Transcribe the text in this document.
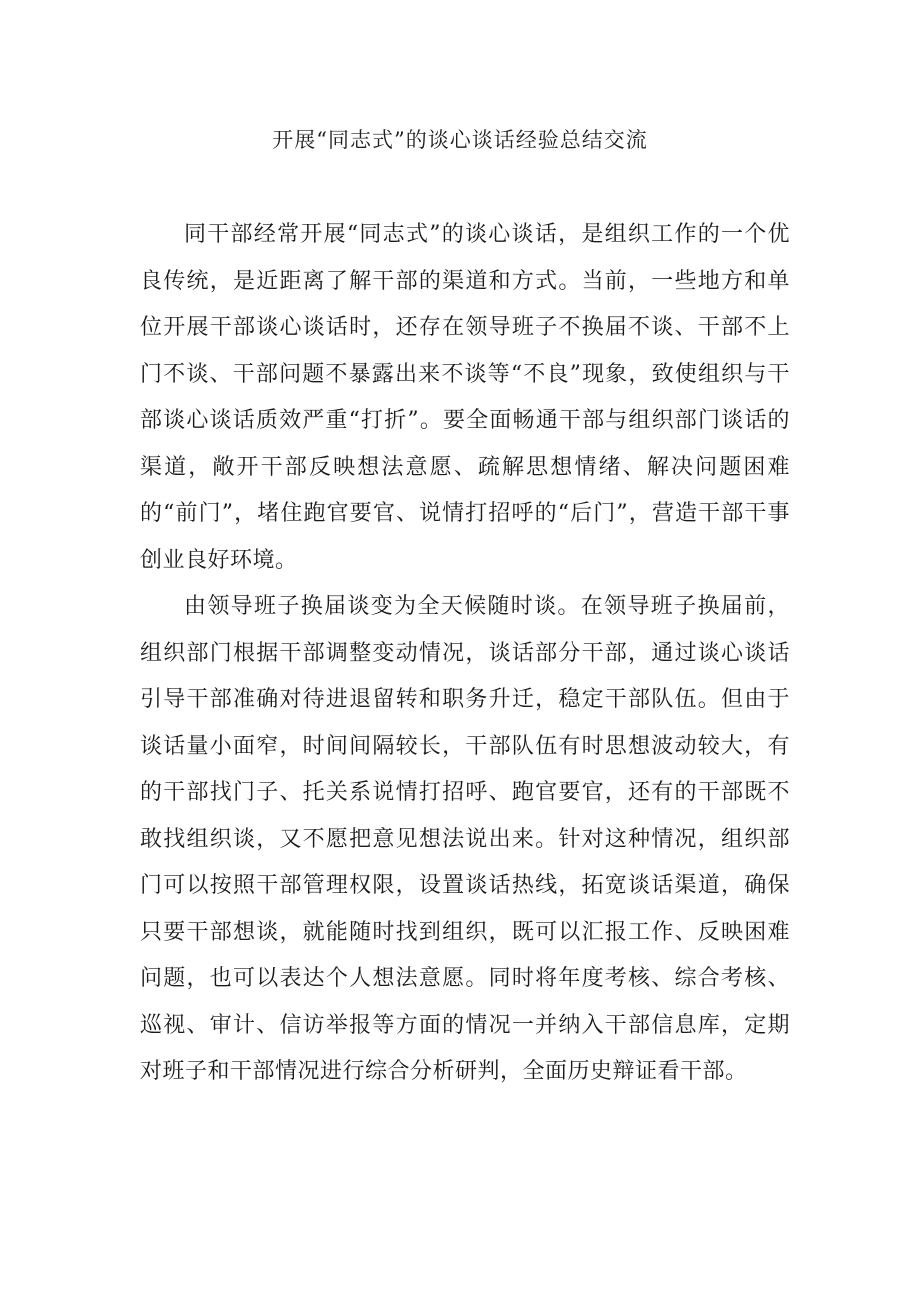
开展“同志式”的谈心谈话经验总结交流

同干部经常开展“同志式”的谈心谈话，是组织工作的一个优良传统，是近距离了解干部的渠道和方式。当前，一些地方和单位开展干部谈心谈话时，还存在领导班子不换届不谈、干部不上门不谈、干部问题不暴露出来不谈等“不良”现象，致使组织与干部谈心谈话质效严重“打折”。要全面畅通干部与组织部门谈话的渠道，敞开干部反映想法意愿、疏解思想情绪、解决问题困难的“前门”，堵住跑官要官、说情打招呼的“后门”，营造干部干事创业良好环境。

由领导班子换届谈变为全天候随时谈。在领导班子换届前，组织部门根据干部调整变动情况，谈话部分干部，通过谈心谈话引导干部准确对待进退留转和职务升迁，稳定干部队伍。但由于谈话量小面窄，时间间隔较长，干部队伍有时思想波动较大，有的干部找门子、托关系说情打招呼、跑官要官，还有的干部既不敢找组织谈，又不愿把意见想法说出来。针对这种情况，组织部门可以按照干部管理权限，设置谈话热线，拓宽谈话渠道，确保只要干部想谈，就能随时找到组织，既可以汇报工作、反映困难问题，也可以表达个人想法意愿。同时将年度考核、综合考核、巡视、审计、信访举报等方面的情况一并纳入干部信息库，定期对班子和干部情况进行综合分析研判，全面历史辩证看干部。
